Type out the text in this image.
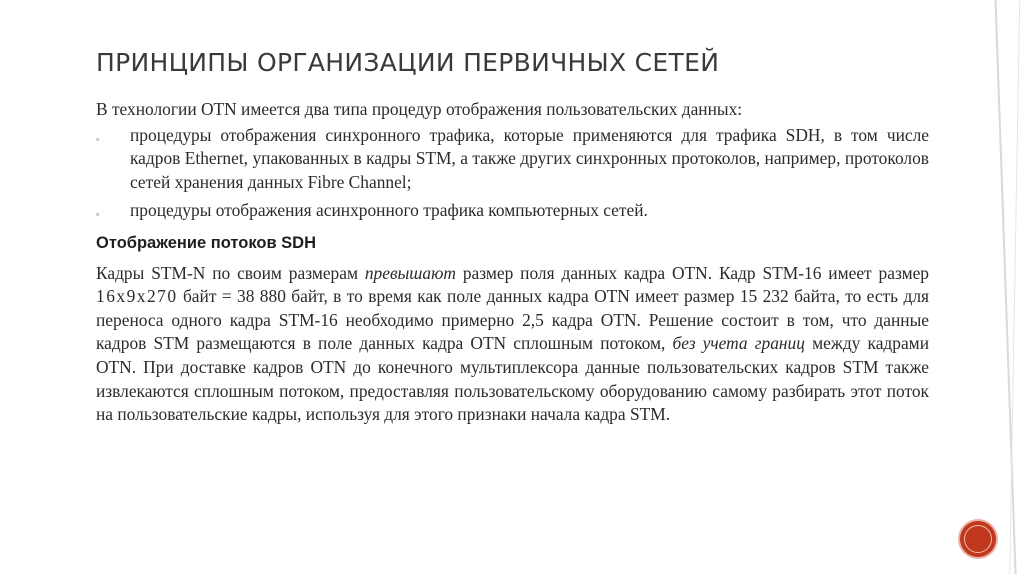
ПРИНЦИПЫ ОРГАНИЗАЦИИ ПЕРВИЧНЫХ СЕТЕЙ

В технологии OTN имеется два типа процедур отображения пользовательских данных:

▫	процедуры отображения синхронного трафика, которые применяются для трафика SDH, в том числе кадров Ethernet, упакованных в кадры STM, а также других синхронных протоколов, например, протоколов сетей хранения данных Fibre Channel;
▫	процедуры отображения асинхронного трафика компьютерных сетей.
Отображение потоков SDH

Кадры STM-N по своим размерам превышают размер поля данных кадра OTN. Кадр STM-16 имеет размер 16x9x270 байт = 38 880 байт, в то время как поле данных кадра OTN имеет размер 15 232 байта, то есть для переноса одного кадра STM-16 необходимо примерно 2,5 кадра OTN. Решение состоит в том, что данные кадров STM размещаются в поле данных кадра OTN сплошным потоком, без учета границ между кадрами OTN. При доставке кадров OTN до конечного мультиплексора данные пользовательских кадров STM также извлекаются сплошным потоком, предоставляя пользовательскому оборудованию самому разбирать этот поток на пользовательские кадры, используя для этого признаки начала кадра STM.
